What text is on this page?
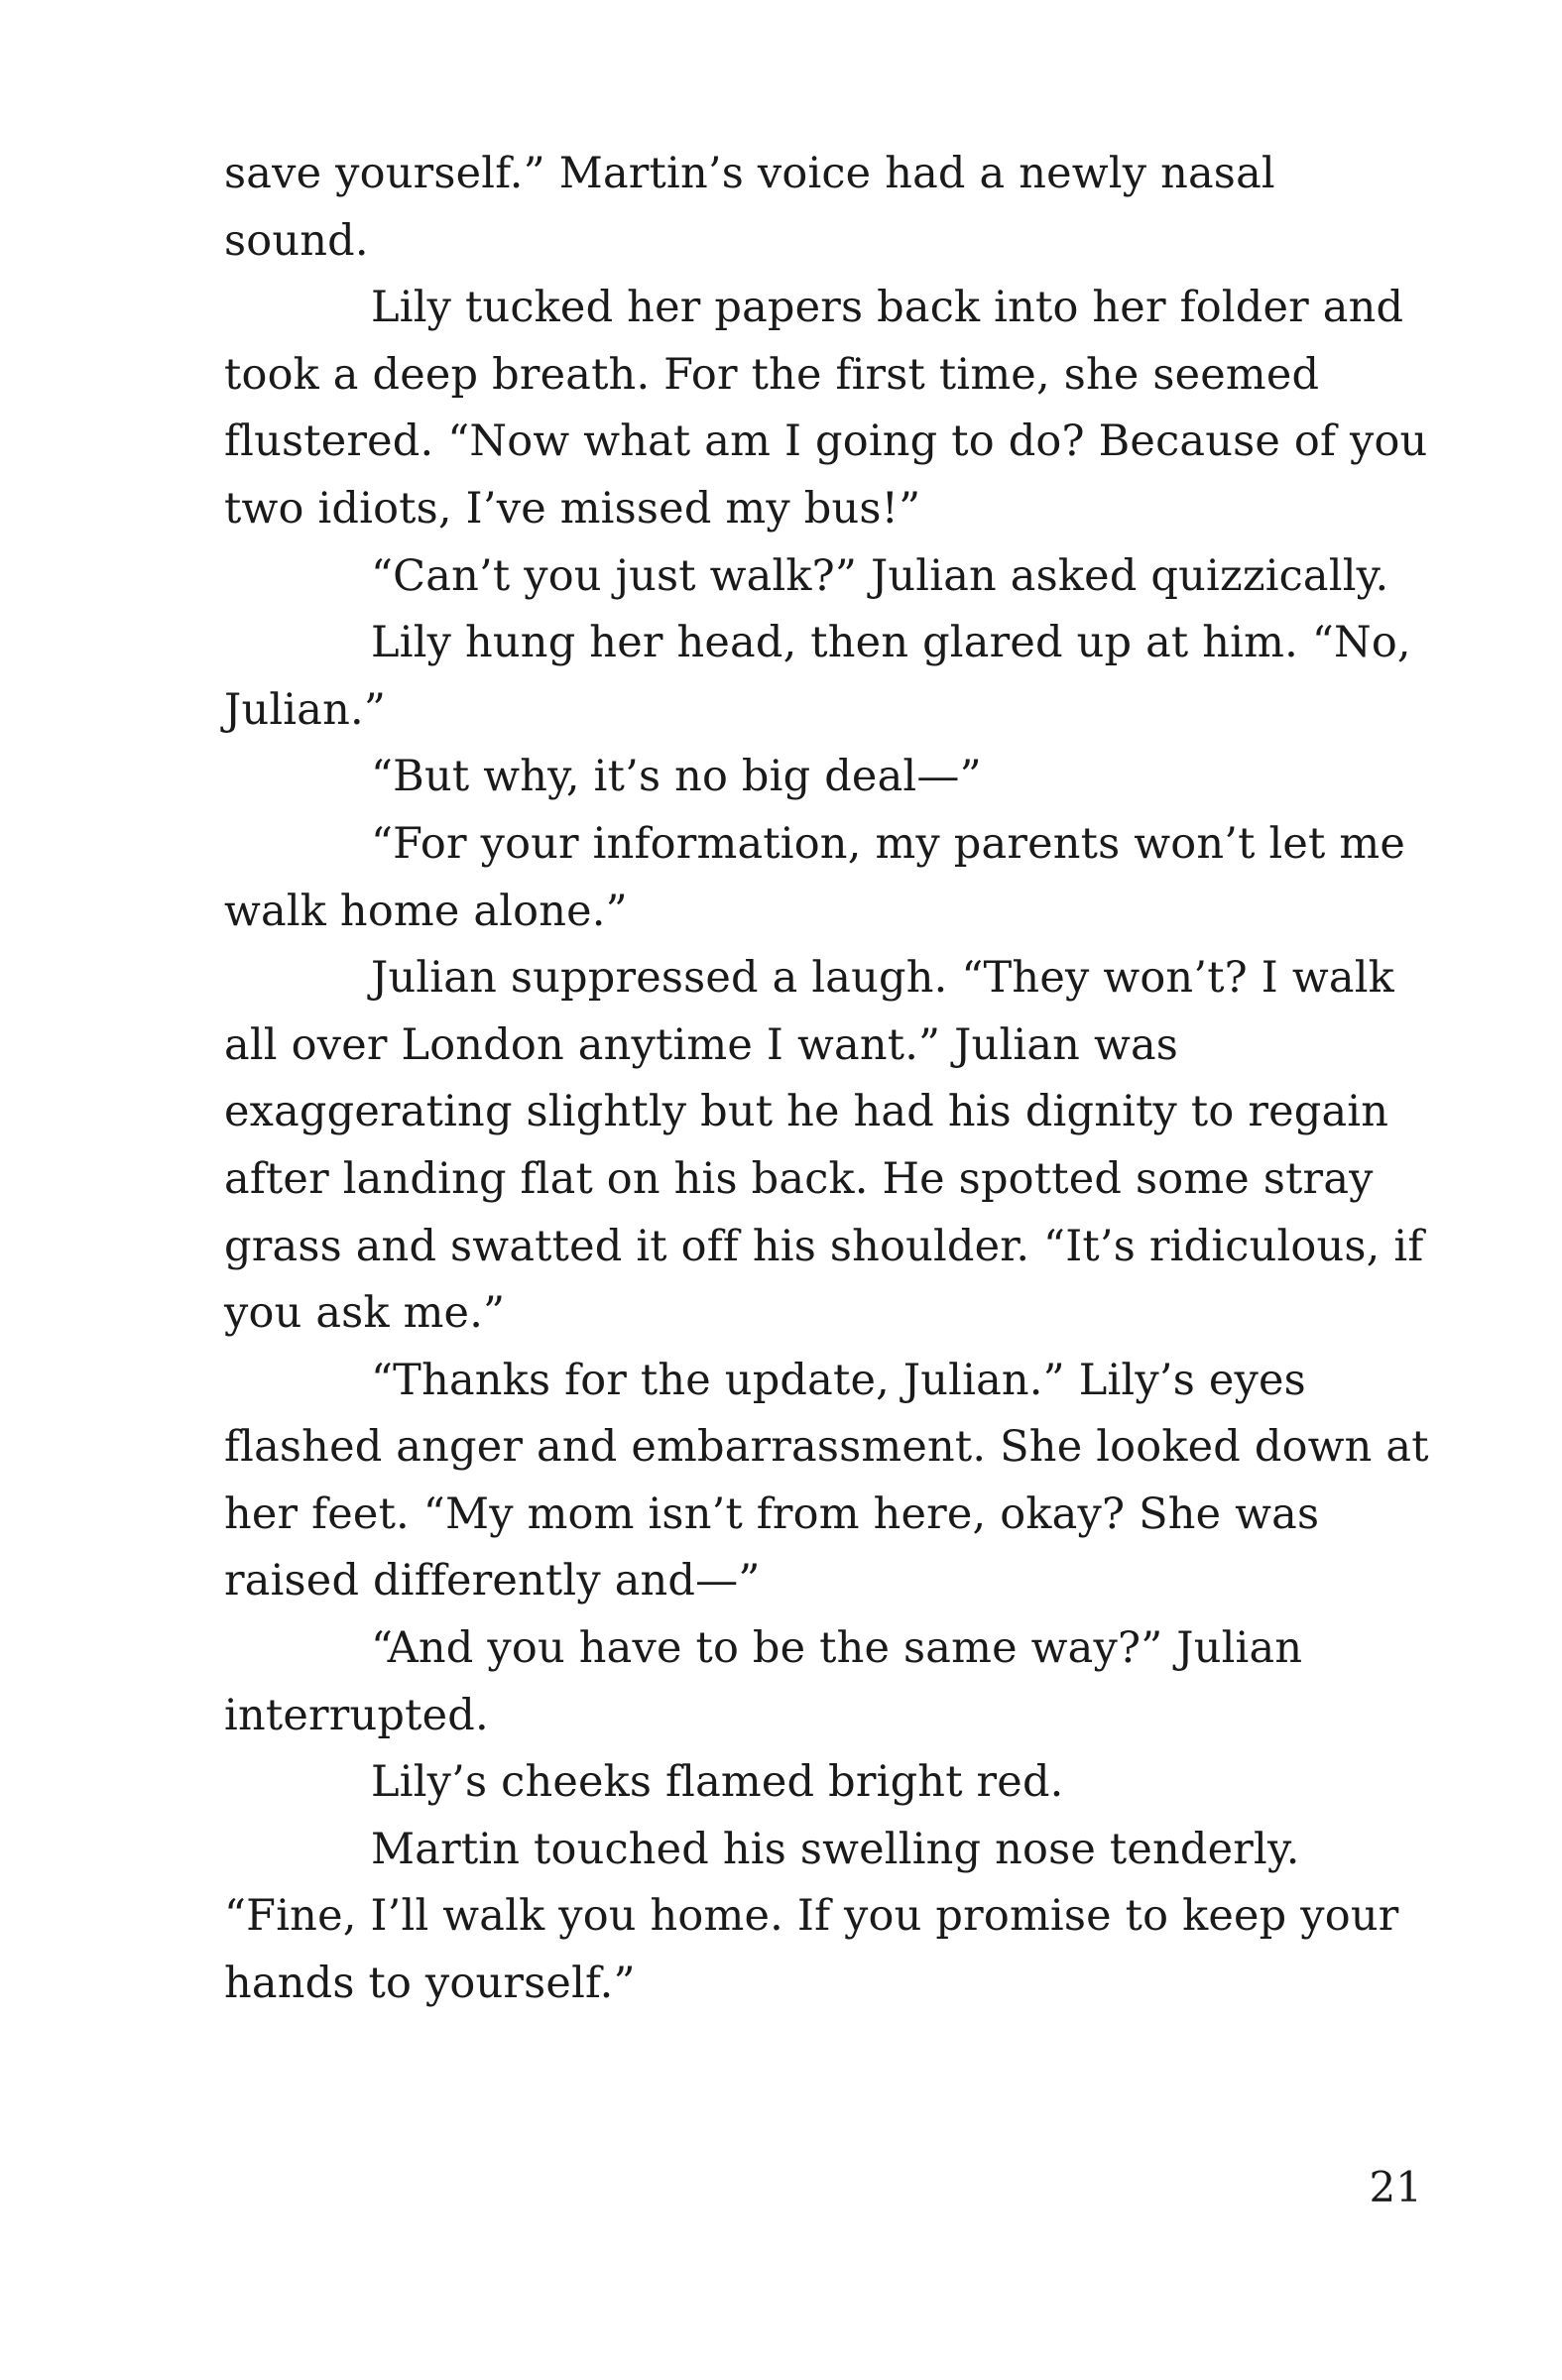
save yourself.” Martin’s voice had a newly nasal sound.

Lily tucked her papers back into her folder and took a deep breath. For the first time, she seemed flustered. “Now what am I going to do? Because of you two idiots, I’ve missed my bus!”

“Can’t you just walk?” Julian asked quizzically.

Lily hung her head, then glared up at him. “No, Julian.”

“But why, it’s no big deal—”

“For your information, my parents won’t let me walk home alone.”

Julian suppressed a laugh. “They won’t? I walk all over London anytime I want.” Julian was exaggerating slightly but he had his dignity to regain after landing flat on his back. He spotted some stray grass and swatted it off his shoulder. “It’s ridiculous, if you ask me.”

“Thanks for the update, Julian.” Lily’s eyes flashed anger and embarrassment. She looked down at her feet. “My mom isn’t from here, okay? She was raised differently and—”

“And you have to be the same way?” Julian interrupted.

Lily’s cheeks flamed bright red.

Martin touched his swelling nose tenderly. “Fine, I’ll walk you home. If you promise to keep your hands to yourself.”

21
